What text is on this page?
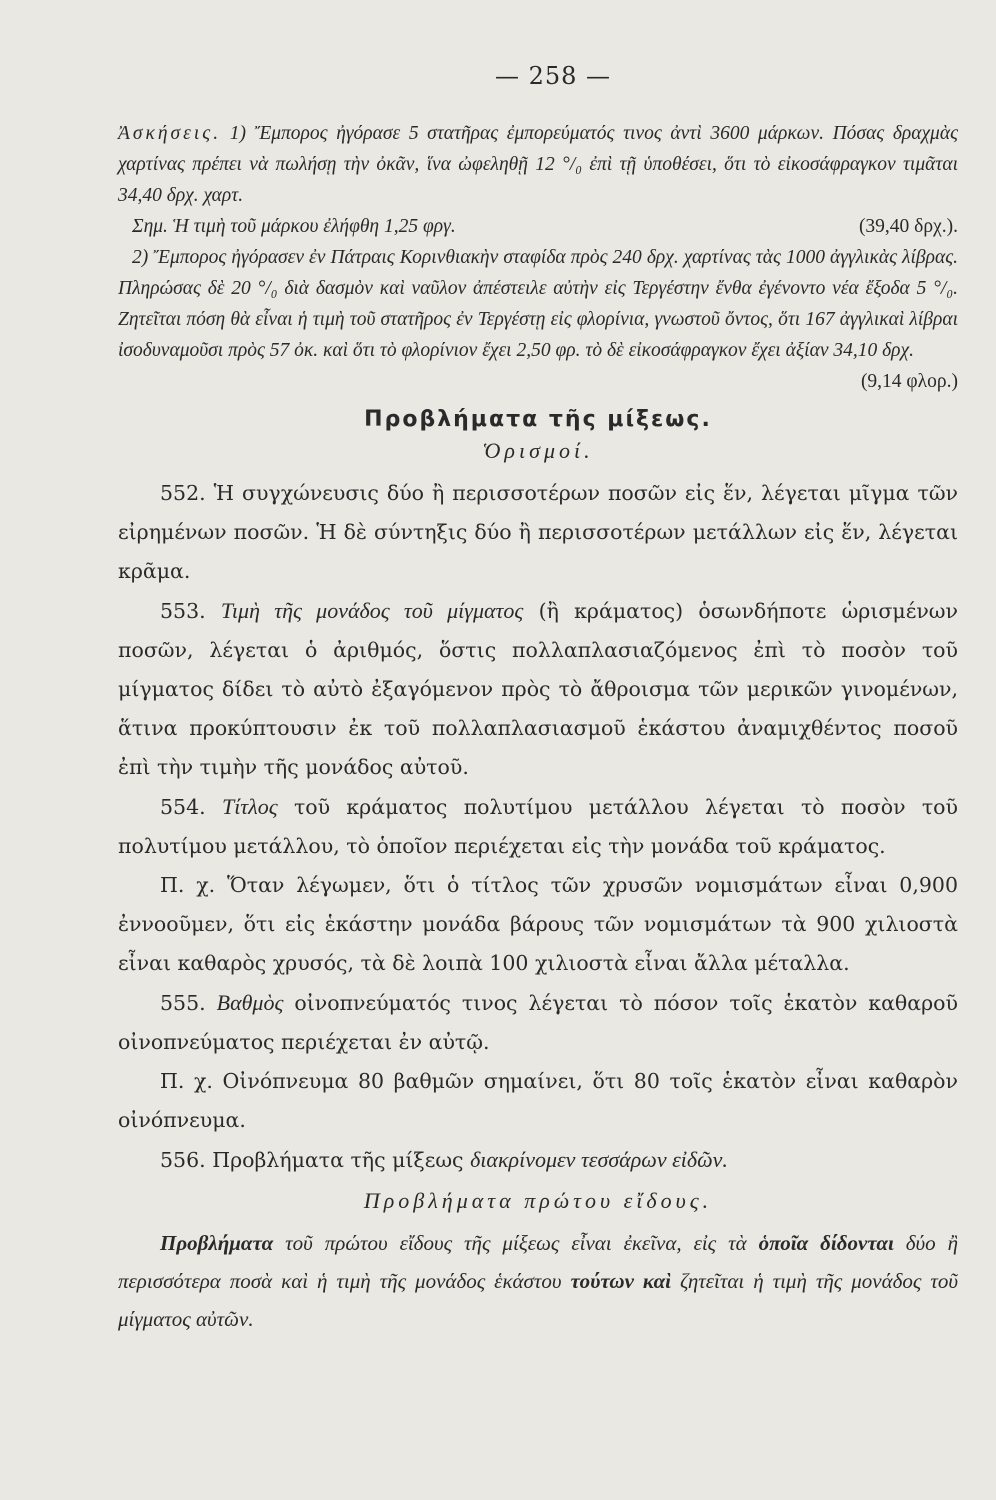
— 258 —

Ἀσκήσεις. 1) Ἔμπορος ἠγόρασε 5 στατῆρας ἐμπορεύματός τινος ἀντὶ 3600 μάρκων. Πόσας δραχμὰς χαρτίνας πρέπει νὰ πωλήσῃ τὴν ὀκᾶν, ἵνα ὠφεληθῇ 12 °/₀ ἐπὶ τῇ ὑποθέσει, ὅτι τὸ εἰκοσάφραγκον τιμᾶται 34,40 δρχ. χαρτ.

Σημ. Ἡ τιμὴ τοῦ μάρκου ἐλήφθη 1,25 φργ.	(39,40 δρχ.).

2) Ἔμπορος ἠγόρασεν ἐν Πάτραις Κορινθιακὴν σταφίδα πρὸς 240 δρχ. χαρτίνας τὰς 1000 ἀγγλικὰς λίβρας. Πληρώσας δὲ 20 °/₀ διὰ δασμὸν καὶ ναῦλον ἀπέστειλε αὐτὴν εἰς Τεργέστην ἔνθα ἐγένοντο νέα ἔξοδα 5 °/₀. Ζητεῖται πόση θὰ εἶναι ἡ τιμὴ τοῦ στατῆρος ἐν Τεργέστῃ εἰς φλορίνια, γνωστοῦ ὄντος, ὅτι 167 ἀγγλικαὶ λίβραι ἰσοδυναμοῦσι πρὸς 57 ὀκ. καὶ ὅτι τὸ φλορίνιον ἔχει 2,50 φρ. τὸ δὲ εἰκοσάφραγκον ἔχει ἀξίαν 34,10 δρχ.
(9,14 φλορ.)

Προβλήματα τῆς μίξεως.
Ὁρισμοί.

552. Ἡ συγχώνευσις δύο ἢ περισσοτέρων ποσῶν εἰς ἕν, λέγεται μῖγμα τῶν εἰρημένων ποσῶν. Ἡ δὲ σύντηξις δύο ἢ περισσοτέρων μετάλλων εἰς ἕν, λέγεται κρᾶμα.

553. Τιμὴ τῆς μονάδος τοῦ μίγματος (ἢ κράματος) ὁσωνδήποτε ὡρισμένων ποσῶν, λέγεται ὁ ἀριθμός, ὅστις πολλαπλασιαζόμενος ἐπὶ τὸ ποσὸν τοῦ μίγματος δίδει τὸ αὐτὸ ἐξαγόμενον πρὸς τὸ ἄθροισμα τῶν μερικῶν γινομένων, ἅτινα προκύπτουσιν ἐκ τοῦ πολλαπλασιασμοῦ ἑκάστου ἀναμιχθέντος ποσοῦ ἐπὶ τὴν τιμὴν τῆς μονάδος αὐτοῦ.

554. Τίτλος τοῦ κράματος πολυτίμου μετάλλου λέγεται τὸ ποσὸν τοῦ πολυτίμου μετάλλου, τὸ ὁποῖον περιέχεται εἰς τὴν μονάδα τοῦ κράματος.

Π. χ. Ὅταν λέγωμεν, ὅτι ὁ τίτλος τῶν χρυσῶν νομισμάτων εἶναι 0,900 ἐννοοῦμεν, ὅτι εἰς ἑκάστην μονάδα βάρους τῶν νομισμάτων τὰ 900 χιλιοστὰ εἶναι καθαρὸς χρυσός, τὰ δὲ λοιπὰ 100 χιλιοστὰ εἶναι ἄλλα μέταλλα.

555. Βαθμὸς οἰνοπνεύματός τινος λέγεται τὸ πόσον τοῖς ἑκατὸν καθαροῦ οἰνοπνεύματος περιέχεται ἐν αὐτῷ.

Π. χ. Οἰνόπνευμα 80 βαθμῶν σημαίνει, ὅτι 80 τοῖς ἑκατὸν εἶναι καθαρὸν οἰνόπνευμα.

556. Προβλήματα τῆς μίξεως διακρίνομεν τεσσάρων εἰδῶν.

Προβλήματα πρώτου εἴδους.

Προβλήματα τοῦ πρώτου εἴδους τῆς μίξεως εἶναι ἐκεῖνα, εἰς τὰ ὁποῖα δίδονται δύο ἢ περισσότερα ποσὰ καὶ ἡ τιμὴ τῆς μονάδος ἑκάστου τούτων καὶ ζητεῖται ἡ τιμὴ τῆς μονάδος τοῦ μίγματος αὐτῶν.
